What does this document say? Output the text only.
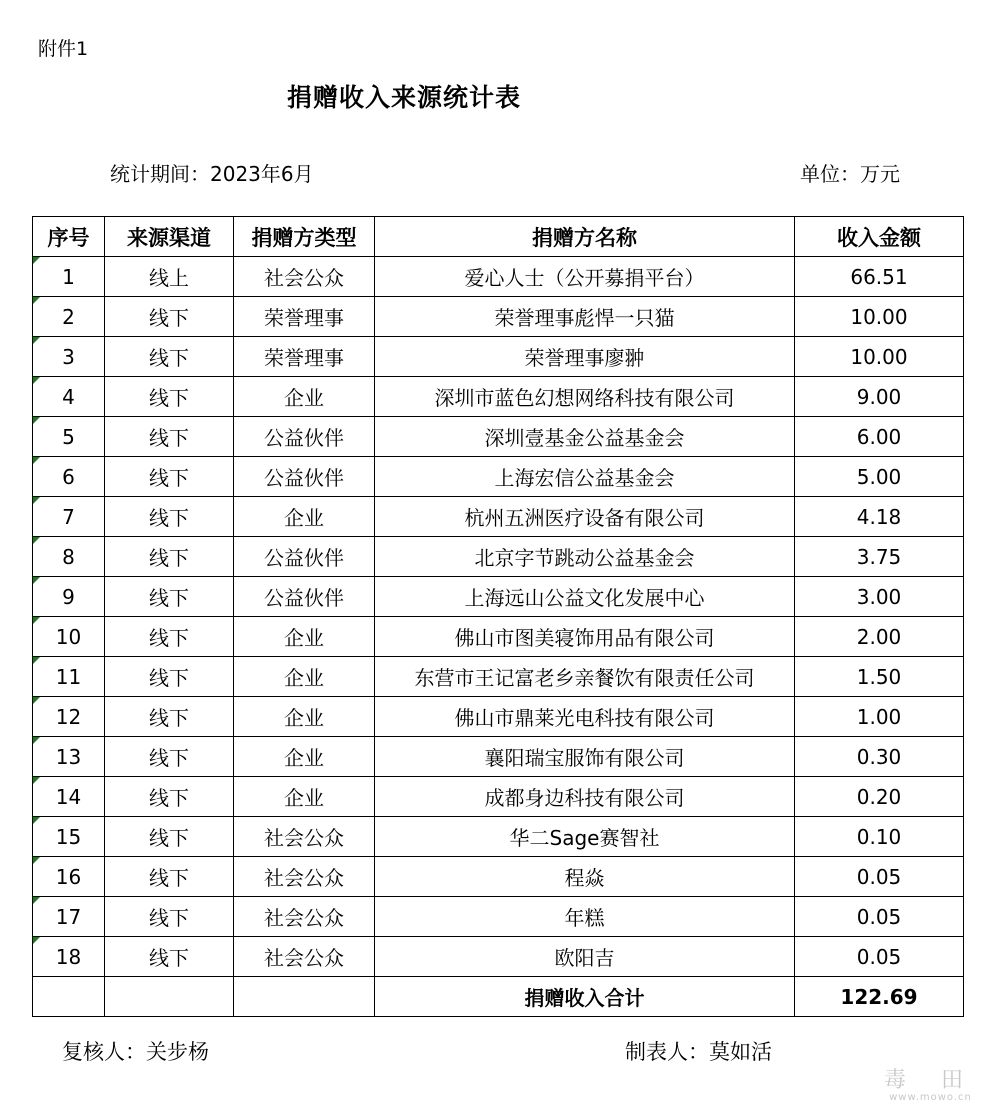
附件1
捐赠收入来源统计表
统计期间：2023年6月	单位：万元
序号	来源渠道	捐赠方类型	捐赠方名称	收入金额

1	线上	社会公众	爱心人士（公开募捐平台）	66.51

2	线下	荣誉理事	荣誉理事彪悍一只猫	10.00

3	线下	荣誉理事	荣誉理事廖翀	10.00

4	线下	企业	深圳市蓝色幻想网络科技有限公司	9.00

5	线下	公益伙伴	深圳壹基金公益基金会	6.00

6	线下	公益伙伴	上海宏信公益基金会	5.00

7	线下	企业	杭州五洲医疗设备有限公司	4.18

8	线下	公益伙伴	北京字节跳动公益基金会	3.75

9	线下	公益伙伴	上海远山公益文化发展中心	3.00

10	线下	企业	佛山市图美寝饰用品有限公司	2.00

11	线下	企业	东营市王记富老乡亲餐饮有限责任公司	1.50

12	线下	企业	佛山市鼎莱光电科技有限公司	1.00

13	线下	企业	襄阳瑞宝服饰有限公司	0.30

14	线下	企业	成都身边科技有限公司	0.20

15	线下	社会公众	华二Sage赛智社	0.10

16	线下	社会公众	程焱	0.05

17	线下	社会公众	年糕	0.05

18	线下	社会公众	欧阳吉	0.05
			捐赠收入合计	122.69
复核人：关步杨	制表人：莫如活
毒 田
www.mowo.cn
